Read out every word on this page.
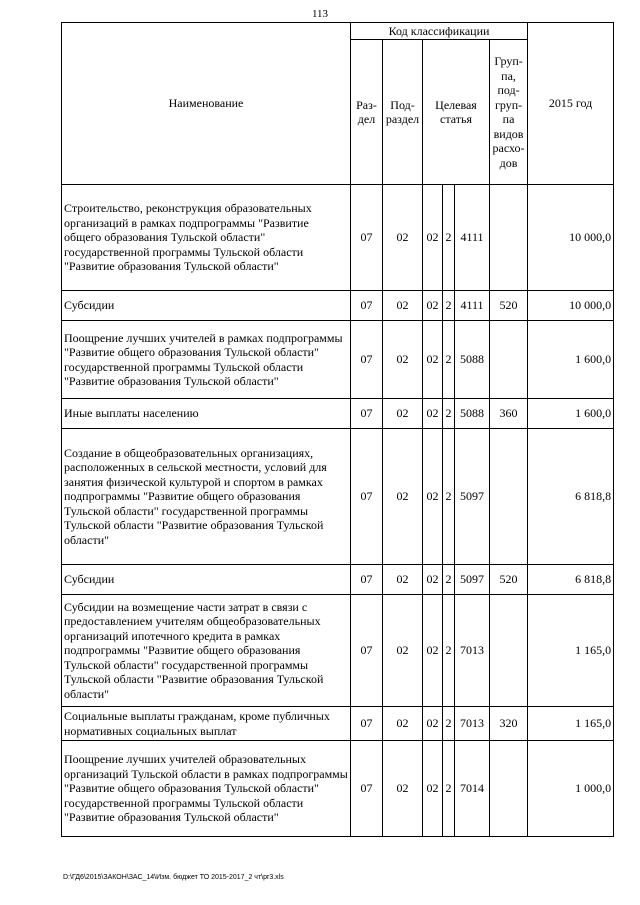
113
Наименование	Код классификации						2015 год
	Раз-дел	Под-раздел	Целевая статья			Груп-па, под-груп-па видов расхо-дов	
Строительство, реконструкция образовательных организаций в рамках подпрограммы "Развитие общего образования Тульской области" государственной программы Тульской области "Развитие образования Тульской области"	07	02	02	2	4111		10 000,0
Субсидии	07	02	02	2	4111	520	10 000,0
Поощрение лучших учителей в рамках подпрограммы "Развитие общего образования Тульской области" государственной программы Тульской области "Развитие образования Тульской области"	07	02	02	2	5088		1 600,0
Иные выплаты населению	07	02	02	2	5088	360	1 600,0
Создание в общеобразовательных организациях, расположенных в сельской местности, условий для занятия физической культурой и спортом в рамках подпрограммы "Развитие общего образования Тульской области" государственной программы Тульской области "Развитие образования Тульской области"	07	02	02	2	5097		6 818,8
Субсидии	07	02	02	2	5097	520	6 818,8
Субсидии на возмещение части затрат в связи с предоставлением учителям общеобразовательных организаций ипотечного кредита в рамках подпрограммы "Развитие общего образования Тульской области" государственной программы Тульской области "Развитие образования Тульской области"	07	02	02	2	7013		1 165,0
Социальные выплаты гражданам, кроме публичных нормативных социальных выплат	07	02	02	2	7013	320	1 165,0
Поощрение лучших учителей образовательных организаций Тульской области в рамках подпрограммы "Развитие общего образования Тульской области" государственной программы Тульской области "Развитие образования Тульской области"	07	02	02	2	7014		1 000,0
D:\ГД6\2015\ЗАКОН\ЗАС_14\Изм. бюджет ТО 2015-2017_2 чт\pr3.xls
